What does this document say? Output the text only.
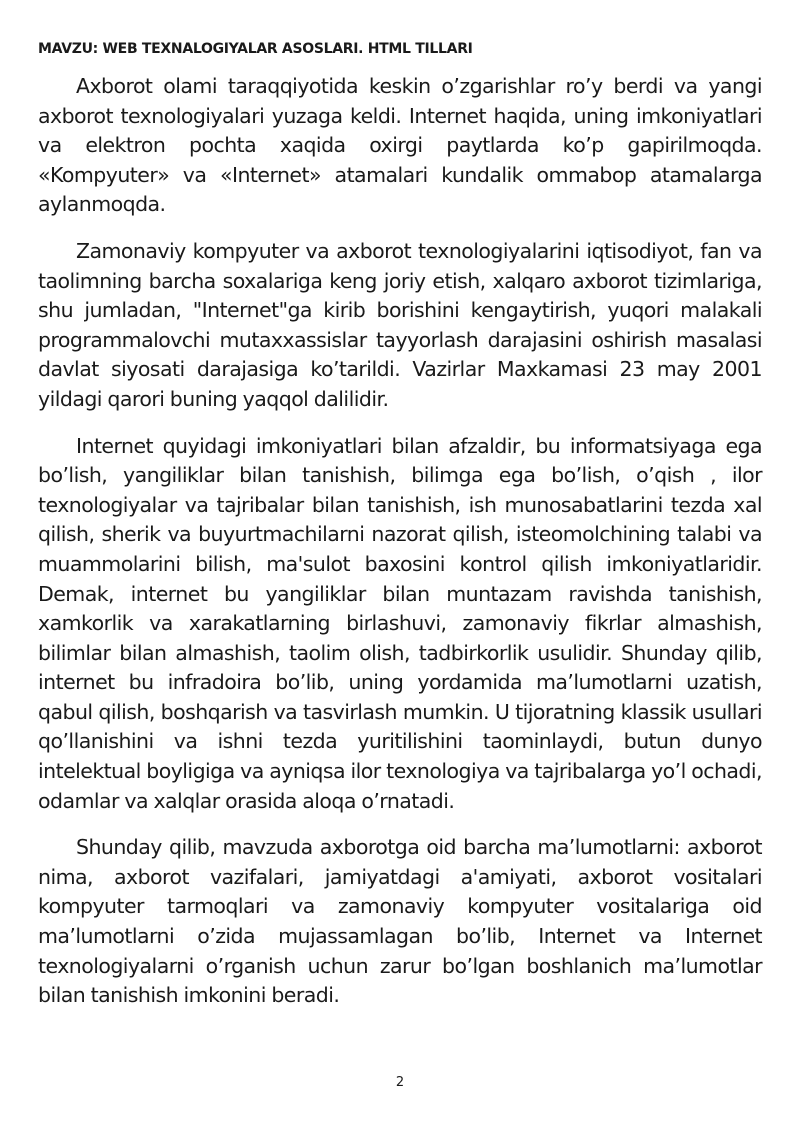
MAVZU: WEB TEXNALOGIYALAR ASOSLARI. HTML TILLARI

Axborot olami taraqqiyotida keskin o’zgarishlar ro’y berdi va yangi axborot texnologiyalari yuzaga keldi. Internet haqida, uning imkoniyatlari va elektron pochta xaqida oxirgi paytlarda ko’p gapirilmoqda. «Kompyuter» va «Internet» atamalari kundalik ommabop atamalarga aylanmoqda.

Zamonaviy kompyuter va axborot texnologiyalarini iqtisodiyot, fan va taolimning barcha soxalariga keng joriy etish, xalqaro axborot tizimlariga, shu jumladan, "Internet"ga kirib borishini kengaytirish, yuqori malakali programmalovchi mutaxxassislar tayyorlash darajasini oshirish masalasi davlat siyosati darajasiga ko’tarildi. Vazirlar Maxkamasi 23 may 2001 yildagi qarori buning yaqqol dalilidir.

Internet quyidagi imkoniyatlari bilan afzaldir, bu informatsiyaga ega bo’lish, yangiliklar bilan tanishish, bilimga ega bo’lish, o’qish , ilor texnologiyalar va tajribalar bilan tanishish, ish munosabatlarini tezda xal qilish, sherik va buyurtmachilarni nazorat qilish, isteomolchining talabi va muammolarini bilish, ma'sulot baxosini kontrol qilish imkoniyatlaridir. Demak, internet bu yangiliklar bilan muntazam ravishda tanishish, xamkorlik va xarakatlarning birlashuvi, zamonaviy fikrlar almashish, bilimlar bilan almashish, taolim olish, tadbirkorlik usulidir. Shunday qilib, internet bu infradoira bo’lib, uning yordamida ma’lumotlarni uzatish, qabul qilish, boshqarish va tasvirlash mumkin. U tijoratning klassik usullari qo’llanishini va ishni tezda yuritilishini taominlaydi, butun dunyo intelektual boyligiga va ayniqsa ilor texnologiya va tajribalarga yo’l ochadi, odamlar va xalqlar orasida aloqa o’rnatadi.

Shunday qilib, mavzuda axborotga oid barcha ma’lumotlarni: axborot nima, axborot vazifalari, jamiyatdagi a'amiyati, axborot vositalari kompyuter tarmoqlari va zamonaviy kompyuter vositalariga oid ma’lumotlarni o’zida mujassamlagan bo’lib, Internet va Internet texnologiyalarni o’rganish uchun zarur bo’lgan boshlanich ma’lumotlar bilan tanishish imkonini beradi.

2
